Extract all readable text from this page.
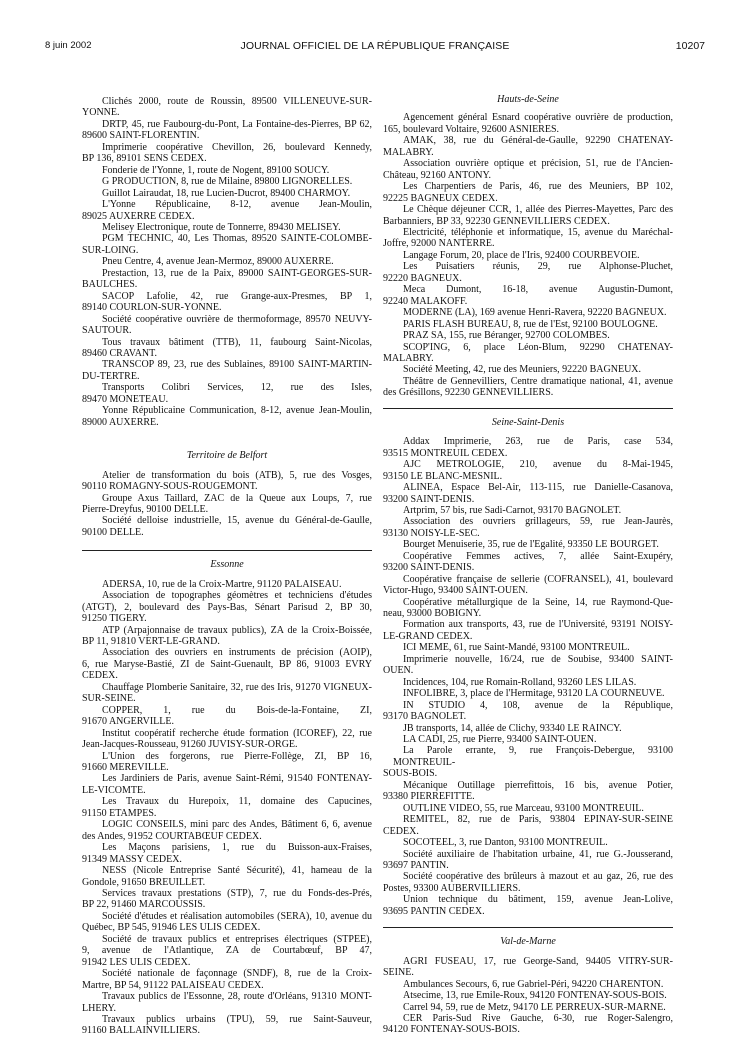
8 juin 2002	JOURNAL OFFICIEL DE LA RÉPUBLIQUE FRANÇAISE	10207
Clichés 2000, route de Roussin, 89500 VILLENEUVE-SUR-
YONNE.
DRTP, 45, rue Faubourg-du-Pont, La Fontaine-des-Pierres, BP 62,
89600 SAINT-FLORENTIN.
Imprimerie coopérative Chevillon, 26, boulevard Kennedy,
BP 136, 89101 SENS CEDEX.
Fonderie de l'Yonne, 1, route de Nogent, 89100 SOUCY.
G PRODUCTION, 8, rue de Milaine, 89800 LIGNORELLES.
Guillot Lairaudat, 18, rue Lucien-Ducrot, 89400 CHARMOY.
L'Yonne Républicaine, 8-12, avenue Jean-Moulin,
89025 AUXERRE CEDEX.
Melisey Electronique, route de Tonnerre, 89430 MELISEY.
PGM TECHNIC, 40, Les Thomas, 89520 SAINTE-COLOMBE-
SUR-LOING.
Pneu Centre, 4, avenue Jean-Mermoz, 89000 AUXERRE.
Prestaction, 13, rue de la Paix, 89000 SAINT-GEORGES-SUR-
BAULCHES.
SACOP Lafolie, 42, rue Grange-aux-Presmes, BP 1,
89140 COURLON-SUR-YONNE.
Société coopérative ouvrière de thermoformage, 89570 NEUVY-
SAUTOUR.
Tous travaux bâtiment (TTB), 11, faubourg Saint-Nicolas,
89460 CRAVANT.
TRANSCOP 89, 23, rue des Sublaines, 89100 SAINT-MARTIN-
DU-TERTRE.
Transports Colibri Services, 12, rue des Isles,
89470 MONETEAU.
Yonne Républicaine Communication, 8-12, avenue Jean-Moulin,
89000 AUXERRE.

Territoire de Belfort

Atelier de transformation du bois (ATB), 5, rue des Vosges,
90110 ROMAGNY-SOUS-ROUGEMONT.
Groupe Axus Taillard, ZAC de la Queue aux Loups, 7, rue
Pierre-Dreyfus, 90100 DELLE.
Société delloise industrielle, 15, avenue du Général-de-Gaulle,
90100 DELLE.

Essonne

ADERSA, 10, rue de la Croix-Martre, 91120 PALAISEAU.
Association de topographes géomètres et techniciens d'études
(ATGT), 2, boulevard des Pays-Bas, Sénart Parisud 2, BP 30,
91250 TIGERY.
ATP (Arpajonnaise de travaux publics), ZA de la Croix-Boissée,
BP 11, 91810 VERT-LE-GRAND.
Association des ouvriers en instruments de précision (AOIP),
6, rue Maryse-Bastié, ZI de Saint-Guenault, BP 86, 91003 EVRY
CEDEX.
Chauffage Plomberie Sanitaire, 32, rue des Iris, 91270 VIGNEUX-
SUR-SEINE.
COPPER, 1, rue du Bois-de-la-Fontaine, ZI,
91670 ANGERVILLE.
Institut coopératif recherche étude formation (ICOREF), 22, rue
Jean-Jacques-Rousseau, 91260 JUVISY-SUR-ORGE.
L'Union des forgerons, rue Pierre-Follège, ZI, BP 16,
91660 MEREVILLE.
Les Jardiniers de Paris, avenue Saint-Rémi, 91540 FONTENAY-
LE-VICOMTE.
Les Travaux du Hurepoix, 11, domaine des Capucines,
91150 ETAMPES.
LOGIC CONSEILS, mini parc des Andes, Bâtiment 6, 6, avenue
des Andes, 91952 COURTABŒUF CEDEX.
Les Maçons parisiens, 1, rue du Buisson-aux-Fraises,
91349 MASSY CEDEX.
NESS (Nicole Entreprise Santé Sécurité), 41, hameau de la
Gondole, 91650 BREUILLET.
Services travaux prestations (STP), 7, rue du Fonds-des-Prés,
BP 22, 91460 MARCOUSSIS.
Société d'études et réalisation automobiles (SERA), 10, avenue du
Québec, BP 545, 91946 LES ULIS CEDEX.
Société de travaux publics et entreprises électriques (STPEE),
9, avenue de l'Atlantique, ZA de Courtabœuf, BP 47,
91942 LES ULIS CEDEX.
Société nationale de façonnage (SNDF), 8, rue de la Croix-
Martre, BP 54, 91122 PALAISEAU CEDEX.
Travaux publics de l'Essonne, 28, route d'Orléans, 91310 MONT-
LHERY.
Travaux publics urbains (TPU), 59, rue Saint-Sauveur,
91160 BALLAINVILLIERS.

Hauts-de-Seine

Agencement général Esnard coopérative ouvrière de production,
165, boulevard Voltaire, 92600 ASNIERES.
AMAK, 38, rue du Général-de-Gaulle, 92290 CHATENAY-
MALABRY.
Association ouvrière optique et précision, 51, rue de l'Ancien-
Château, 92160 ANTONY.
Les Charpentiers de Paris, 46, rue des Meuniers, BP 102,
92225 BAGNEUX CEDEX.
Le Chèque déjeuner CCR, 1, allée des Pierres-Mayettes, Parc des
Barbanniers, BP 33, 92230 GENNEVILLIERS CEDEX.
Electricité, téléphonie et informatique, 15, avenue du Maréchal-
Joffre, 92000 NANTERRE.
Langage Forum, 20, place de l'Iris, 92400 COURBEVOIE.
Les Puisatiers réunis, 29, rue Alphonse-Pluchet,
92220 BAGNEUX.
Meca Dumont, 16-18, avenue Augustin-Dumont,
92240 MALAKOFF.
MODERNE (LA), 169 avenue Henri-Ravera, 92220 BAGNEUX.
PARIS FLASH BUREAU, 8, rue de l'Est, 92100 BOULOGNE.
PRAZ SA, 155, rue Béranger, 92700 COLOMBES.
SCOP'ING, 6, place Léon-Blum, 92290 CHATENAY-
MALABRY.
Société Meeting, 42, rue des Meuniers, 92220 BAGNEUX.
Théâtre de Gennevilliers, Centre dramatique national, 41, avenue
des Grésillons, 92230 GENNEVILLIERS.

Seine-Saint-Denis

Addax Imprimerie, 263, rue de Paris, case 534,
93515 MONTREUIL CEDEX.
AJC METROLOGIE, 210, avenue du 8-Mai-1945,
93150 LE BLANC-MESNIL.
ALINEA, Espace Bel-Air, 113-115, rue Danielle-Casanova,
93200 SAINT-DENIS.
Artprim, 57 bis, rue Sadi-Carnot, 93170 BAGNOLET.
Association des ouvriers grillageurs, 59, rue Jean-Jaurès,
93130 NOISY-LE-SEC.
Bourget Menuiserie, 35, rue de l'Egalité, 93350 LE BOURGET.
Coopérative Femmes actives, 7, allée Saint-Exupéry,
93200 SAINT-DENIS.
Coopérative française de sellerie (COFRANSEL), 41, boulevard
Victor-Hugo, 93400 SAINT-OUEN.
Coopérative métallurgique de la Seine, 14, rue Raymond-Que-
neau, 93000 BOBIGNY.
Formation aux transports, 43, rue de l'Université, 93191 NOISY-
LE-GRAND CEDEX.
ICI MEME, 61, rue Saint-Mandé, 93100 MONTREUIL.
Imprimerie nouvelle, 16/24, rue de Soubise, 93400 SAINT-
OUEN.
Incidences, 104, rue Romain-Rolland, 93260 LES LILAS.
INFOLIBRE, 3, place de l'Hermitage, 93120 LA COURNEUVE.
IN STUDIO 4, 108, avenue de la République,
93170 BAGNOLET.
JB transports, 14, allée de Clichy, 93340 LE RAINCY.
LA CADI, 25, rue Pierre, 93400 SAINT-OUEN.
La Parole errante, 9, rue François-Debergue, 93100 MONTREUIL-
SOUS-BOIS.
Mécanique Outillage pierrefittois, 16 bis, avenue Potier,
93380 PIERREFITTE.
OUTLINE VIDEO, 55, rue Marceau, 93100 MONTREUIL.
REMITEL, 82, rue de Paris, 93804 EPINAY-SUR-SEINE
CEDEX.
SOCOTEEL, 3, rue Danton, 93100 MONTREUIL.
Société auxiliaire de l'habitation urbaine, 41, rue G.-Jousserand,
93697 PANTIN.
Société coopérative des brûleurs à mazout et au gaz, 26, rue des
Postes, 93300 AUBERVILLIERS.
Union technique du bâtiment, 159, avenue Jean-Lolive,
93695 PANTIN CEDEX.

Val-de-Marne

AGRI FUSEAU, 17, rue George-Sand, 94405 VITRY-SUR-
SEINE.
Ambulances Secours, 6, rue Gabriel-Péri, 94220 CHARENTON.
Atsecime, 13, rue Emile-Roux, 94120 FONTENAY-SOUS-BOIS.
Carrel 94, 59, rue de Metz, 94170 LE PERREUX-SUR-MARNE.
CER Paris-Sud Rive Gauche, 6-30, rue Roger-Salengro,
94120 FONTENAY-SOUS-BOIS.
